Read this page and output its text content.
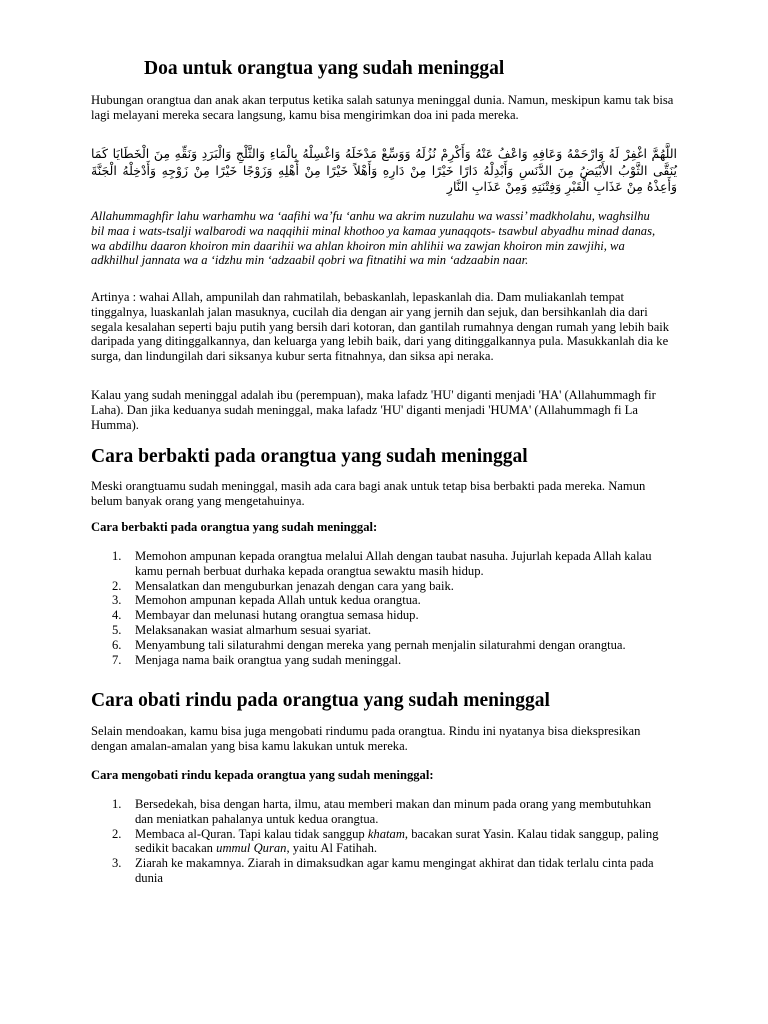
Doa untuk orangtua yang sudah meninggal

Hubungan orangtua dan anak akan terputus ketika salah satunya meninggal dunia. Namun, meskipun kamu tak bisa lagi melayani mereka secara langsung, kamu bisa mengirimkan doa ini pada mereka.

اللَّهُمَّ اغْفِرْ لَهُ وَارْحَمْهُ وَعَافِهِ وَاعْفُ عَنْهُ وَأَكْرِمْ نُزُلَهُ وَوَسِّعْ مَدْخَلَهُ وَاغْسِلْهُ بِالْمَاءِ وَالثَّلْجِ وَالْبَرَدِ وَنَقِّهِ مِنَ الْخَطَايَا كَمَا يُنَقَّى الثَّوْبُ الأَبْيَضُ مِنَ الدَّنَسِ وَأَبْدِلْهُ دَارًا خَيْرًا مِنْ دَارِهِ وَأَهْلاً خَيْرًا مِنْ أَهْلِهِ وَزَوْجًا خَيْرًا مِنْ زَوْجِهِ وَأَدْخِلْهُ الْجَنَّةَ وَأَعِذْهُ مِنْ عَذَابِ الْقَبْرِ وَفِتْنَتِهِ وَمِنْ عَذَابِ النَّارِ

Allahummaghfir lahu warhamhu wa ‘aafihi wa’fu ‘anhu wa akrim nuzulahu wa wassi’ madkholahu, waghsilhu bil maa i wats-tsalji walbarodi wa naqqihii minal khothoo ya kamaa yunaqqots- tsawbul abyadhu minad danas, wa abdilhu daaron khoiron min daarihii wa ahlan khoiron min ahlihii wa zawjan khoiron min zawjihi, wa adkhilhul jannata wa a ‘idzhu min ‘adzaabil qobri wa fitnatihi wa min ‘adzaabin naar.

Artinya : wahai Allah, ampunilah dan rahmatilah, bebaskanlah, lepaskanlah dia. Dam muliakanlah tempat tinggalnya, luaskanlah jalan masuknya, cucilah dia dengan air yang jernih dan sejuk, dan bersihkanlah dia dari segala kesalahan seperti baju putih yang bersih dari kotoran, dan gantilah rumahnya dengan rumah yang lebih baik daripada yang ditinggalkannya, dan keluarga yang lebih baik, dari yang ditinggalkannya pula. Masukkanlah dia ke surga, dan lindungilah dari siksanya kubur serta fitnahnya, dan siksa api neraka.

Kalau yang sudah meninggal adalah ibu (perempuan), maka lafadz 'HU' diganti menjadi 'HA' (Allahummagh fir Laha). Dan jika keduanya sudah meninggal, maka lafadz 'HU' diganti menjadi 'HUMA' (Allahummagh fi La Humma).

Cara berbakti pada orangtua yang sudah meninggal

Meski orangtuamu sudah meninggal, masih ada cara bagi anak untuk tetap bisa berbakti pada mereka. Namun belum banyak orang yang mengetahuinya.

Cara berbakti pada orangtua yang sudah meninggal:

1. Memohon ampunan kepada orangtua melalui Allah dengan taubat nasuha. Jujurlah kepada Allah kalau kamu pernah berbuat durhaka kepada orangtua sewaktu masih hidup.
2. Mensalatkan dan menguburkan jenazah dengan cara yang baik.
3. Memohon ampunan kepada Allah untuk kedua orangtua.
4. Membayar dan melunasi hutang orangtua semasa hidup.
5. Melaksanakan wasiat almarhum sesuai syariat.
6. Menyambung tali silaturahmi dengan mereka yang pernah menjalin silaturahmi dengan orangtua.
7. Menjaga nama baik orangtua yang sudah meninggal.
Cara obati rindu pada orangtua yang sudah meninggal

Selain mendoakan, kamu bisa juga mengobati rindumu pada orangtua. Rindu ini nyatanya bisa diekspresikan dengan amalan-amalan yang bisa kamu lakukan untuk mereka.

Cara mengobati rindu kepada orangtua yang sudah meninggal:

1. Bersedekah, bisa dengan harta, ilmu, atau memberi makan dan minum pada orang yang membutuhkan dan meniatkan pahalanya untuk kedua orangtua.
2. Membaca al-Quran. Tapi kalau tidak sanggup khatam, bacakan surat Yasin. Kalau tidak sanggup, paling sedikit bacakan ummul Quran, yaitu Al Fatihah.
3. Ziarah ke makamnya. Ziarah in dimaksudkan agar kamu mengingat akhirat dan tidak terlalu cinta pada dunia
